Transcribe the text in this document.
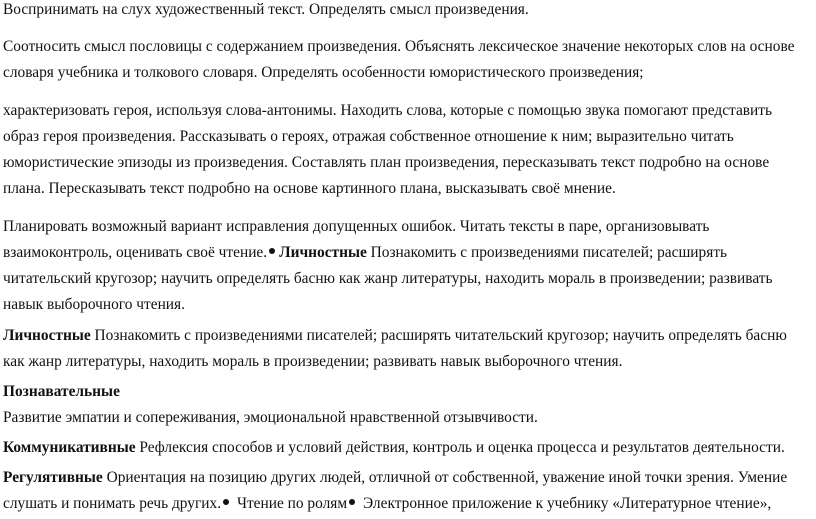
Воспринимать на слух художественный текст. Определять смысл произведения.
Соотносить смысл пословицы с содержанием произведения. Объяснять лексическое значение некоторых слов на основе
словаря учебника и толкового словаря. Определять особенности юмористического произведения;
характеризовать героя, используя слова-антонимы. Находить слова, которые с помощью звука помогают представить
образ героя произведения. Рассказывать о героях, отражая собственное отношение к ним; выразительно читать
юмористические эпизоды из произведения. Составлять план произведения, пересказывать текст подробно на основе
плана. Пересказывать текст подробно на основе картинного плана, высказывать своё мнение.
Планировать возможный вариант исправления допущенных ошибок. Читать тексты в паре, организовывать
взаимоконтроль, оценивать своё чтение. Личностные Познакомить с произведениями писателей; расширять
читательский кругозор; научить определять басню как жанр литературы, находить мораль в произведении; развивать
навык выборочного чтения.
Личностные Познакомить с произведениями писателей; расширять читательский кругозор; научить определять басню
как жанр литературы, находить мораль в произведении; развивать навык выборочного чтения.
Познавательные
Развитие эмпатии и сопереживания, эмоциональной нравственной отзывчивости.
Коммуникативные Рефлексия способов и условий действия, контроль и оценка процесса и результатов деятельности.
Регулятивные Ориентация на позицию других людей, отличной от собственной, уважение иной точки зрения. Умение
слушать и понимать речь других. Чтение по ролям Электронное приложение к учебнику «Литературное чтение»,
